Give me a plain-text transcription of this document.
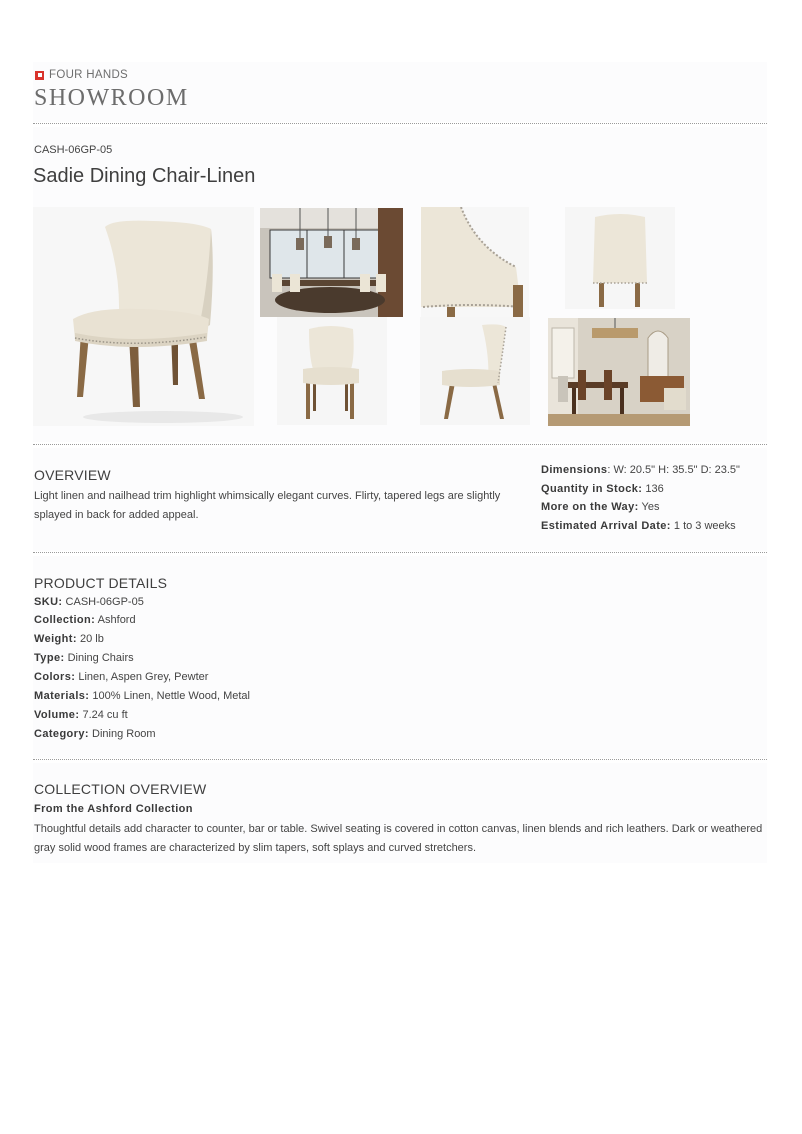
FOUR HANDS
SHOWROOM
CASH-06GP-05
Sadie Dining Chair-Linen
OVERVIEW
Light linen and nailhead trim highlight whimsically elegant curves. Flirty, tapered legs are slightly
splayed in back for added appeal.
Dimensions: W: 20.5" H: 35.5" D: 23.5"
Quantity in Stock: 136
More on the Way: Yes
Estimated Arrival Date: 1 to 3 weeks
PRODUCT DETAILS
SKU: CASH-06GP-05
Collection: Ashford
Weight: 20 lb
Type: Dining Chairs
Colors: Linen, Aspen Grey, Pewter
Materials: 100% Linen, Nettle Wood, Metal
Volume: 7.24 cu ft
Category: Dining Room
COLLECTION OVERVIEW
From the Ashford Collection
Thoughtful details add character to counter, bar or table. Swivel seating is covered in cotton canvas, linen blends and rich leathers. Dark or weathered
gray solid wood frames are characterized by slim tapers, soft splays and curved stretchers.
